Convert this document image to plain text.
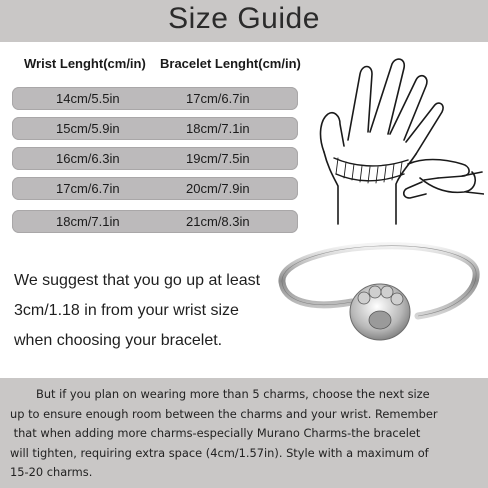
Size Guide
Wrist Lenght(cm/in) Bracelet Lenght(cm/in)
14cm/5.5in	17cm/6.7in
15cm/5.9in	18cm/7.1in
16cm/6.3in	19cm/7.5in
17cm/6.7in	20cm/7.9in
18cm/7.1in	21cm/8.3in
We suggest that you go up at least
3cm/1.18 in from your wrist size
when choosing your bracelet.
But if you plan on wearing more than 5 charms, choose the next size
up to ensure enough room between the charms and your wrist. Remember
that when adding more charms-especially Murano Charms-the bracelet
will tighten, requiring extra space (4cm/1.57in). Style with a maximum of
15-20 charms.
